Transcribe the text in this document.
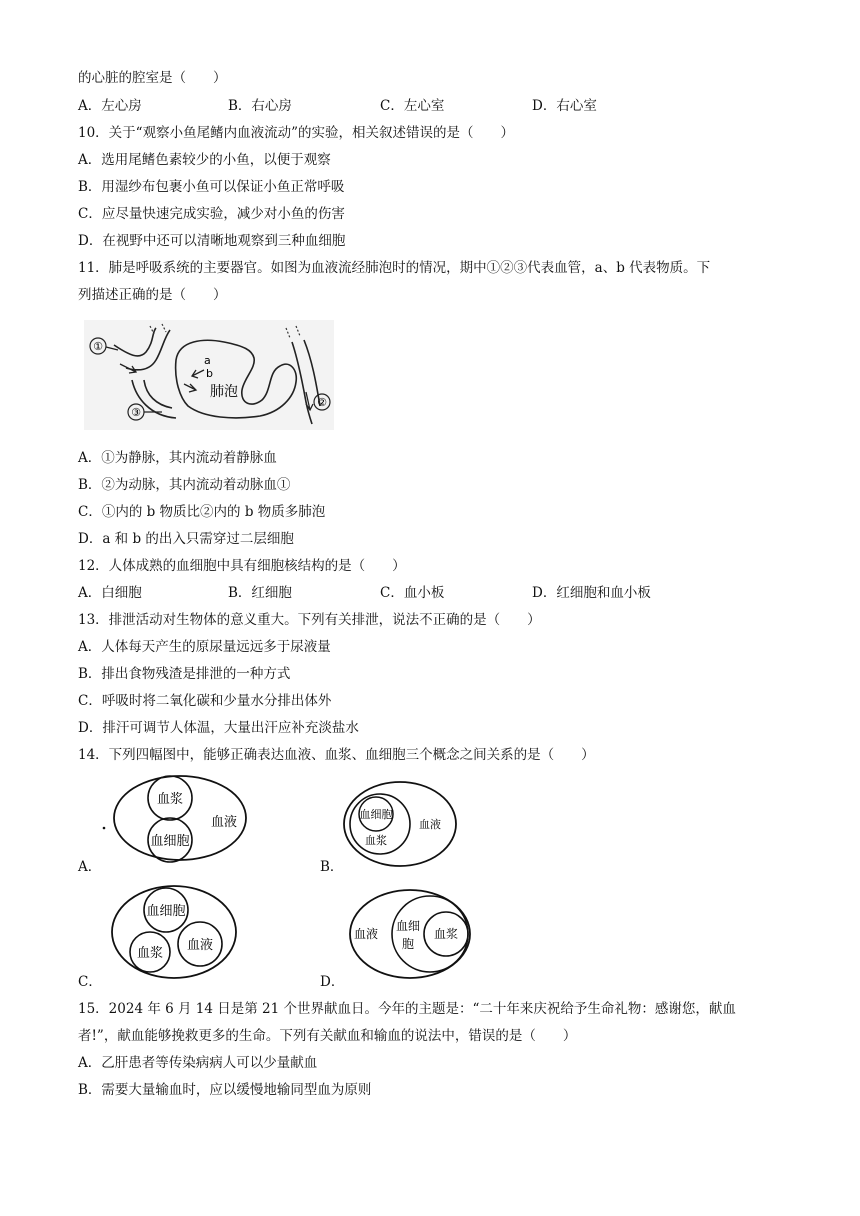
的心脏的腔室是（　　）
A．左心房	B．右心房	C．左心室	D．右心室
10．关于“观察小鱼尾鳍内血液流动”的实验，相关叙述错误的是（　　）
A．选用尾鳍色素较少的小鱼，以便于观察
B．用湿纱布包裹小鱼可以保证小鱼正常呼吸
C．应尽量快速完成实验，减少对小鱼的伤害
D．在视野中还可以清晰地观察到三种血细胞
11．肺是呼吸系统的主要器官。如图为血液流经肺泡时的情况，期中①②③代表血管，a、b 代表物质。下
列描述正确的是（　　）
①
②
③
a
b
肺泡
A．①为静脉，其内流动着静脉血
B．②为动脉，其内流动着动脉血①
C．①内的 b 物质比②内的 b 物质多肺泡
D．a 和 b 的出入只需穿过二层细胞
12．人体成熟的血细胞中具有细胞核结构的是（　　）
A．白细胞	B．红细胞	C．血小板	D．红细胞和血小板
13．排泄活动对生物体的意义重大。下列有关排泄，说法不正确的是（　　）
A．人体每天产生的原尿量远远多于尿液量
B．排出食物残渣是排泄的一种方式
C．呼吸时将二氧化碳和少量水分排出体外
D．排汗可调节人体温，大量出汗应补充淡盐水
14．下列四幅图中，能够正确表达血液、血浆、血细胞三个概念之间关系的是（　　）
血浆
血细胞
血液
A．
血细胞
血浆
血液
B．
血细胞
血浆
血液
C．
血液
血细
胞
血浆
D．
15．2024 年 6 月 14 日是第 21 个世界献血日。今年的主题是：“二十年来庆祝给予生命礼物：感谢您，献血
者!”，献血能够挽救更多的生命。下列有关献血和输血的说法中，错误的是（　　）
A．乙肝患者等传染病病人可以少量献血
B．需要大量输血时，应以缓慢地输同型血为原则
